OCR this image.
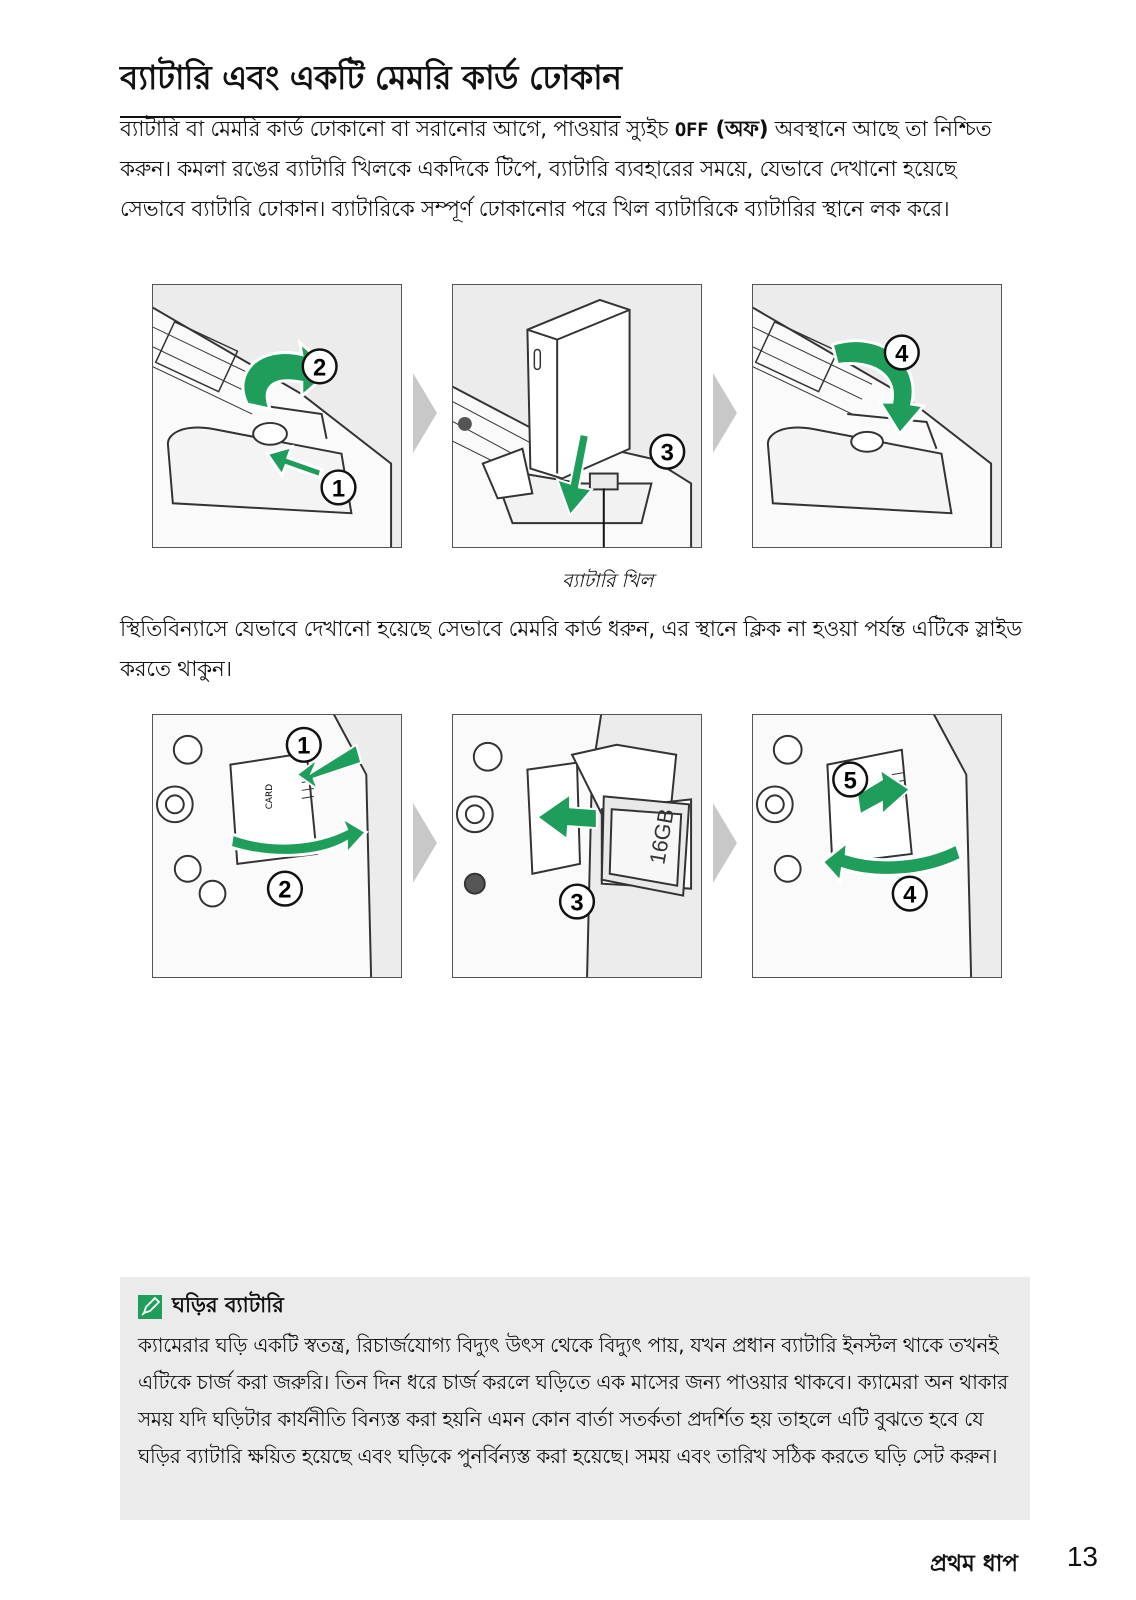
ব্যাটারি এবং একটি মেমরি কার্ড ঢোকান
ব্যাটারি বা মেমরি কার্ড ঢোকানো বা সরানোর আগে, পাওয়ার স্যুইচ OFF (অফ) অবস্থানে আছে তা নিশ্চিত করুন। কমলা রঙের ব্যাটারি খিলকে একদিকে টিপে, ব্যাটারি ব্যবহারের সময়ে, যেভাবে দেখানো হয়েছে সেভাবে ব্যাটারি ঢোকান। ব্যাটারিকে সম্পূর্ণ ঢোকানোর পরে খিল ব্যাটারিকে ব্যাটারির স্থানে লক করে।
2
1
3
4
ব্যাটারি খিল
স্থিতিবিন্যাসে যেভাবে দেখানো হয়েছে সেভাবে মেমরি কার্ড ধরুন, এর স্থানে ক্লিক না হওয়া পর্যন্ত এটিকে স্লাইড করতে থাকুন।
CARD
1
2
16GB
3
5
4
ঘড়ির ব্যাটারি
ক্যামেরার ঘড়ি একটি স্বতন্ত্র, রিচার্জযোগ্য বিদ্যুৎ উৎস থেকে বিদ্যুৎ পায়, যখন প্রধান ব্যাটারি ইনস্টল থাকে তখনই এটিকে চার্জ করা জরুরি। তিন দিন ধরে চার্জ করলে ঘড়িতে এক মাসের জন্য পাওয়ার থাকবে। ক্যামেরা অন থাকার সময় যদি ঘড়িটার কার্যনীতি বিন্যস্ত করা হয়নি এমন কোন বার্তা সতর্কতা প্রদর্শিত হয় তাহলে এটি বুঝতে হবে যে ঘড়ির ব্যাটারি ক্ষয়িত হয়েছে এবং ঘড়িকে পুনর্বিন্যস্ত করা হয়েছে। সময় এবং তারিখ সঠিক করতে ঘড়ি সেট করুন।
প্রথম ধাপ 13
